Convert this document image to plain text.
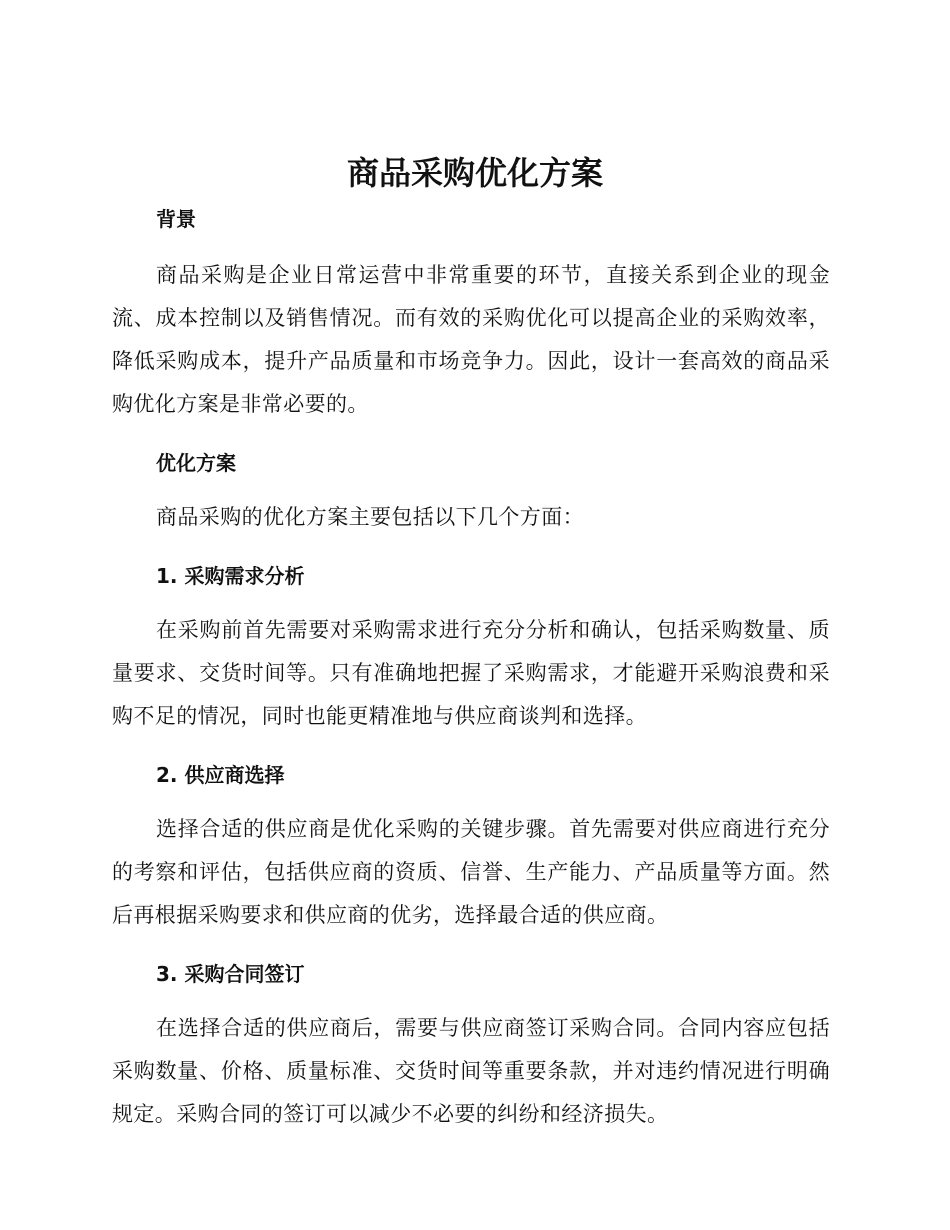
商品采购优化方案
背景

商品采购是企业日常运营中非常重要的环节，直接关系到企业的现金流、成本控制以及销售情况。而有效的采购优化可以提高企业的采购效率，降低采购成本，提升产品质量和市场竞争力。因此，设计一套高效的商品采购优化方案是非常必要的。

优化方案

商品采购的优化方案主要包括以下几个方面：

1. 采购需求分析

在采购前首先需要对采购需求进行充分分析和确认，包括采购数量、质量要求、交货时间等。只有准确地把握了采购需求，才能避开采购浪费和采购不足的情况，同时也能更精准地与供应商谈判和选择。

2. 供应商选择

选择合适的供应商是优化采购的关键步骤。首先需要对供应商进行充分的考察和评估，包括供应商的资质、信誉、生产能力、产品质量等方面。然后再根据采购要求和供应商的优劣，选择最合适的供应商。

3. 采购合同签订

在选择合适的供应商后，需要与供应商签订采购合同。合同内容应包括采购数量、价格、质量标准、交货时间等重要条款，并对违约情况进行明确规定。采购合同的签订可以减少不必要的纠纷和经济损失。
